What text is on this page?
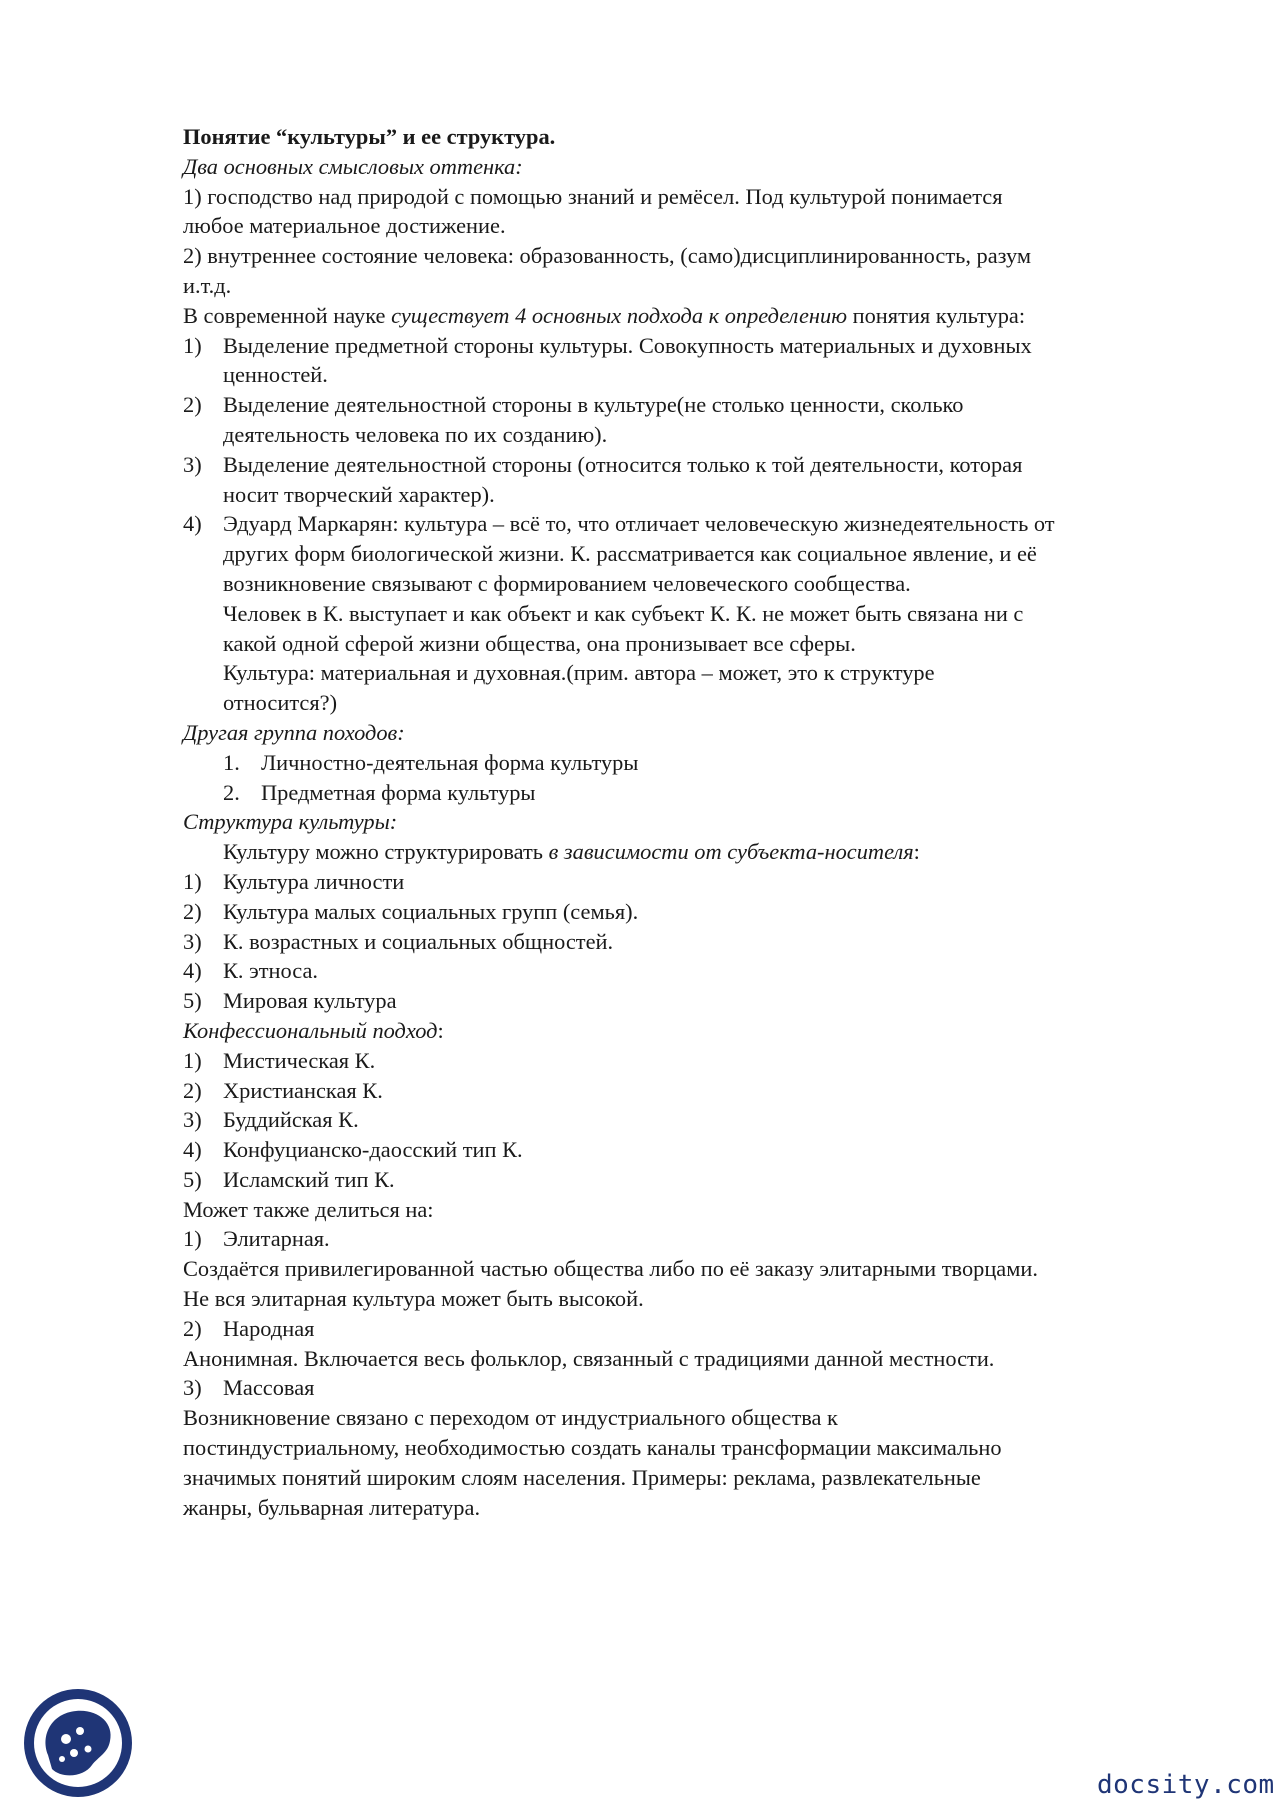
Понятие “культуры” и ее структура.
Два основных смысловых оттенка:
1) господство над природой с помощью знаний и ремёсел. Под культурой понимается
любое материальное достижение.
2) внутреннее состояние человека: образованность, (само)дисциплинированность, разум
и.т.д.
В современной науке существует 4 основных подхода к определению понятия культура:
1) Выделение предметной стороны культуры. Совокупность материальных и духовных
ценностей.
2) Выделение деятельностной стороны в культуре(не столько ценности, сколько
деятельность человека по их созданию).
3) Выделение деятельностной стороны (относится только к той деятельности, которая
носит творческий характер).
4) Эдуард Маркарян: культура – всё то, что отличает человеческую жизнедеятельность от
других форм биологической жизни. К. рассматривается как социальное явление, и её
возникновение связывают с формированием человеческого сообщества.
Человек в К. выступает и как объект и как субъект К. К. не может быть связана ни с
какой одной сферой жизни общества, она пронизывает все сферы.
Культура: материальная и духовная.(прим. автора – может, это к структуре
относится?)
Другая группа походов:
1. Личностно-деятельная форма культуры
2. Предметная форма культуры
Структура культуры:
Культуру можно структурировать в зависимости от субъекта-носителя:
1) Культура личности
2) Культура малых социальных групп (семья).
3) К. возрастных и социальных общностей.
4) К. этноса.
5) Мировая культура
Конфессиональный подход:
1) Мистическая К.
2) Христианская К.
3) Буддийская К.
4) Конфуцианско-даосский тип К.
5) Исламский тип К.
Может также делиться на:
1) Элитарная.
Создаётся привилегированной частью общества либо по её заказу элитарными творцами.
Не вся элитарная культура может быть высокой.
2) Народная
Анонимная. Включается весь фольклор, связанный с традициями данной местности.
3) Массовая
Возникновение связано с переходом от индустриального общества к
постиндустриальному, необходимостью создать каналы трансформации максимально
значимых понятий широким слоям населения. Примеры: реклама, развлекательные
жанры, бульварная литература.
docsity.com
